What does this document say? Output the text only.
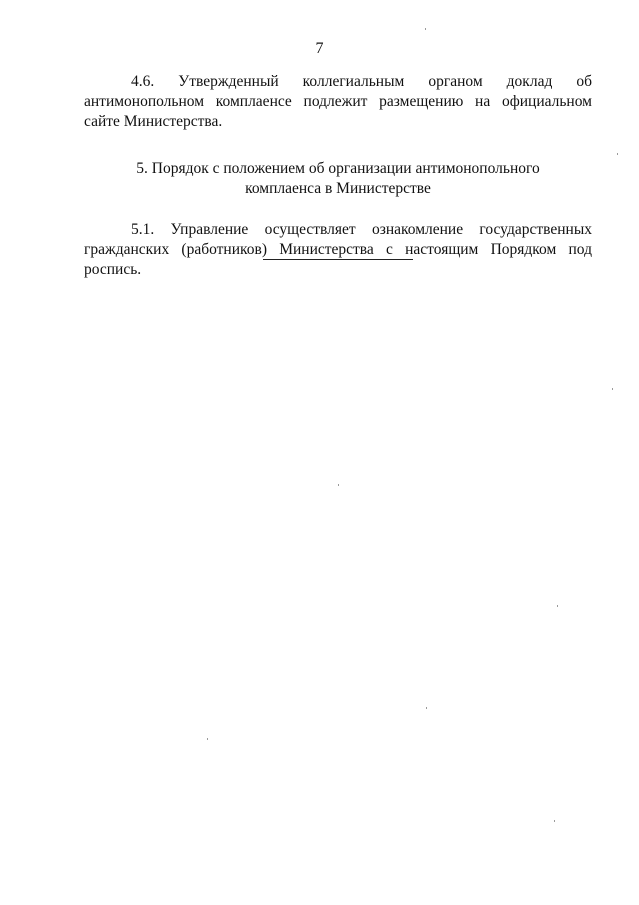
7

4.6. Утвержденный коллегиальным органом доклад об антимонопольном комплаенсе подлежит размещению на официальном сайте Министерства.

5. Порядок с положением об организации антимонопольного
комплаенса в Министерстве

5.1. Управление осуществляет ознакомление государственных гражданских (работников) Министерства с настоящим Порядком под роспись.
